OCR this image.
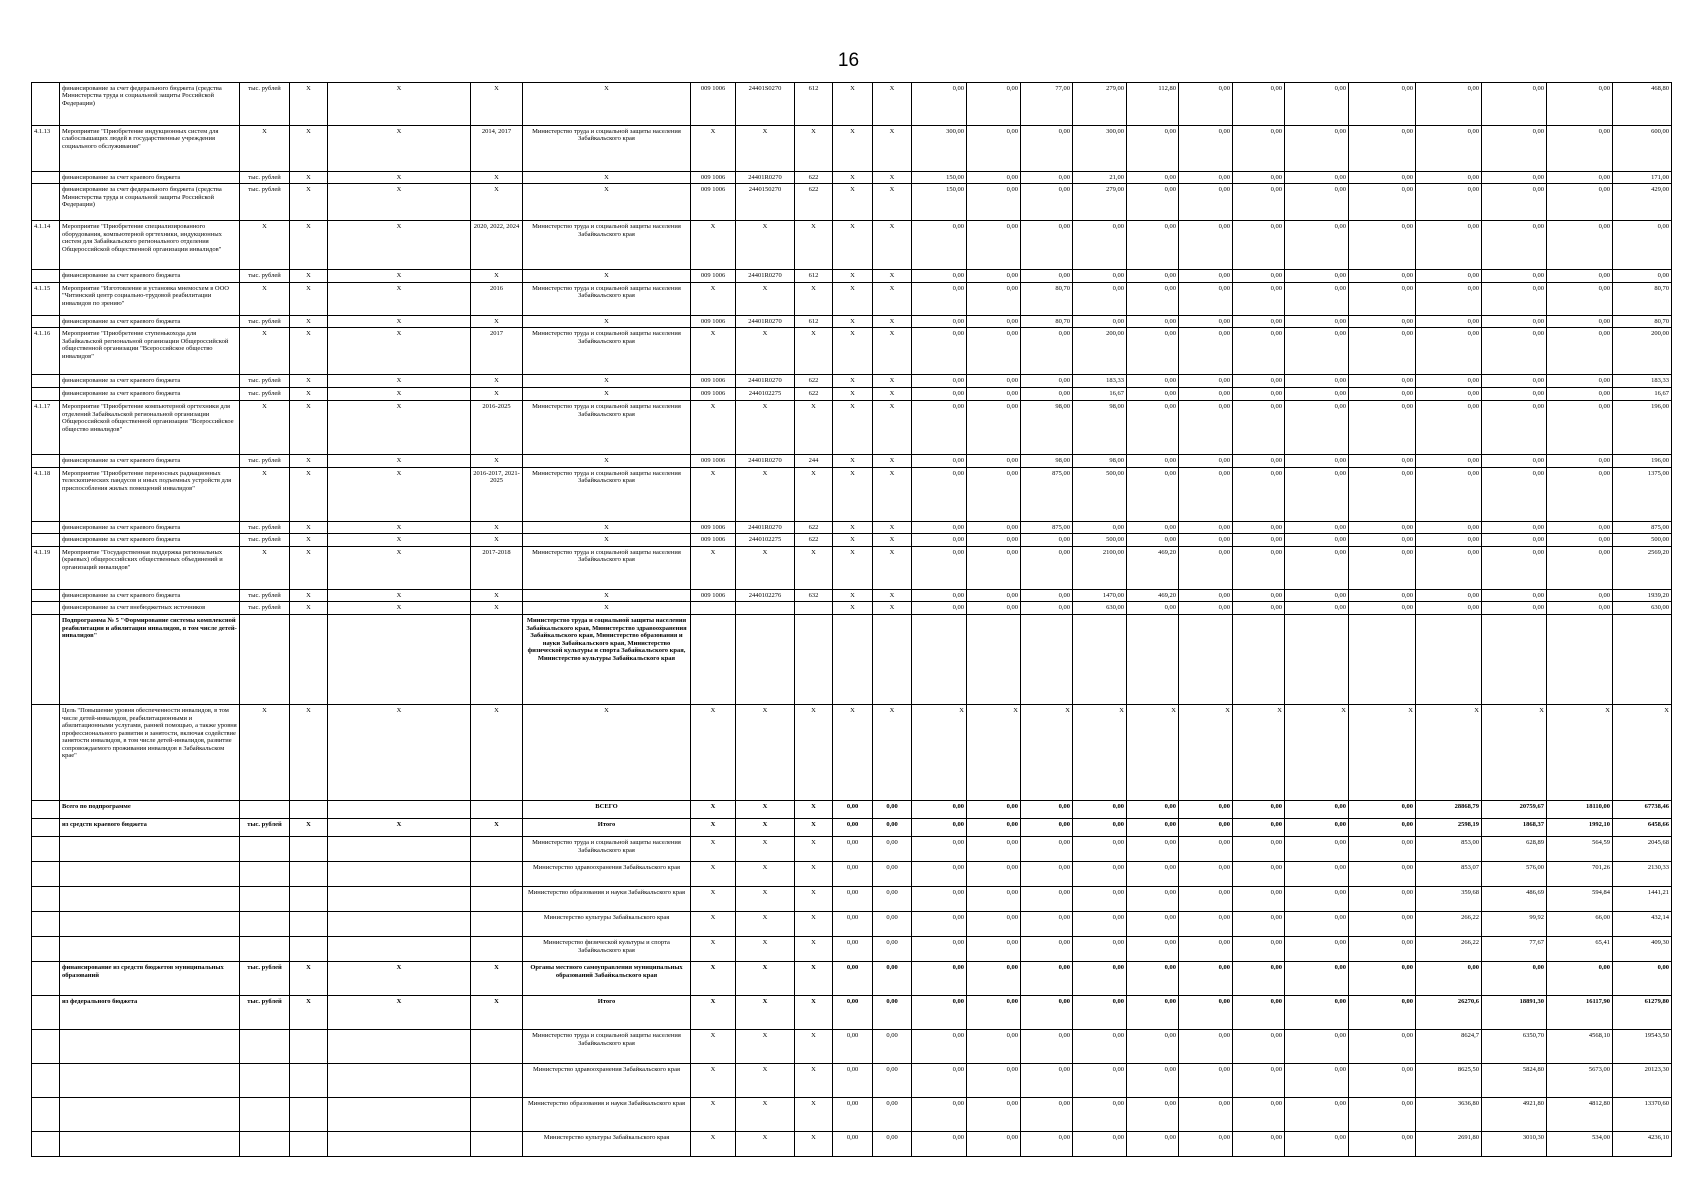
16
	финансирование за счет федерального бюджета (средства Министерства труда и социальной защиты Российской Федерации)	тыс. рублей	X	X	X	X	009 1006	24401S0270	612	X	X	0,00	0,00	77,00	279,00	112,80	0,00	0,00	0,00	0,00	0,00	0,00	0,00	468,80
4.1.13	Мероприятие "Приобретение индукционных систем для слабослышащих людей в государственные учреждения социального обслуживания"	X	X	X	2014, 2017	Министерство труда и социальной защиты населения Забайкальского края	X	X	X	X	X	300,00	0,00	0,00	300,00	0,00	0,00	0,00	0,00	0,00	0,00	0,00	0,00	600,00
	финансирование за счет краевого бюджета	тыс. рублей	X	X	X	X	009 1006	24401R0270	622	X	X	150,00	0,00	0,00	21,00	0,00	0,00	0,00	0,00	0,00	0,00	0,00	0,00	171,00
	финансирование за счет федерального бюджета (средства Министерства труда и социальной защиты Российской Федерации)	тыс. рублей	X	X	X	X	009 1006	2440150270	622	X	X	150,00	0,00	0,00	279,00	0,00	0,00	0,00	0,00	0,00	0,00	0,00	0,00	429,00
4.1.14	Мероприятие "Приобретение специализированного оборудования, компьютерной оргтехники, индукционных систем для Забайкальского регионального отделения Общероссийской общественной организации инвалидов"	X	X	X	2020, 2022, 2024	Министерство труда и социальной защиты населения Забайкальского края	X	X	X	X	X	0,00	0,00	0,00	0,00	0,00	0,00	0,00	0,00	0,00	0,00	0,00	0,00	0,00
	финансирование за счет краевого бюджета	тыс. рублей	X	X	X	X	009 1006	24401R0270	612	X	X	0,00	0,00	0,00	0,00	0,00	0,00	0,00	0,00	0,00	0,00	0,00	0,00	0,00
4.1.15	Мероприятие "Изготовление и установка мнемосхем в ООО "Читинский центр социально-трудовой реабилитации инвалидов по зрению"	X	X	X	2016	Министерство труда и социальной защиты населения Забайкальского края	X	X	X	X	X	0,00	0,00	80,70	0,00	0,00	0,00	0,00	0,00	0,00	0,00	0,00	0,00	80,70
	финансирование за счет краевого бюджета	тыс. рублей	X	X	X	X	009 1006	24401R0270	612	X	X	0,00	0,00	80,70	0,00	0,00	0,00	0,00	0,00	0,00	0,00	0,00	0,00	80,70
4.1.16	Мероприятие "Приобретение ступенькохода для Забайкальской региональной организации Общероссийской общественной организации "Всероссийское общество инвалидов"	X	X	X	2017	Министерство труда и социальной защиты населения Забайкальского края	X	X	X	X	X	0,00	0,00	0,00	200,00	0,00	0,00	0,00	0,00	0,00	0,00	0,00	0,00	200,00
	финансирование за счет краевого бюджета	тыс. рублей	X	X	X	X	009 1006	24401R0270	622	X	X	0,00	0,00	0,00	183,33	0,00	0,00	0,00	0,00	0,00	0,00	0,00	0,00	183,33
	финансирование за счет краевого бюджета	тыс. рублей	X	X	X	X	009 1006	2440102275	622	X	X	0,00	0,00	0,00	16,67	0,00	0,00	0,00	0,00	0,00	0,00	0,00	0,00	16,67
4.1.17	Мероприятие "Приобретение компьютерной оргтехники для отделений Забайкальской региональной организации Общероссийской общественной организации "Всероссийское общество инвалидов"	X	X	X	2016-2025	Министерство труда и социальной защиты населения Забайкальского края	X	X	X	X	X	0,00	0,00	98,00	98,00	0,00	0,00	0,00	0,00	0,00	0,00	0,00	0,00	196,00
	финансирование за счет краевого бюджета	тыс. рублей	X	X	X	X	009 1006	24401R0270	244	X	X	0,00	0,00	98,00	98,00	0,00	0,00	0,00	0,00	0,00	0,00	0,00	0,00	196,00
4.1.18	Мероприятие "Приобретение переносных радиационных телескопических пандусов и иных подъемных устройств для приспособления жилых помещений инвалидов"	X	X	X	2016-2017, 2021-2025	Министерство труда и социальной защиты населения Забайкальского края	X	X	X	X	X	0,00	0,00	875,00	500,00	0,00	0,00	0,00	0,00	0,00	0,00	0,00	0,00	1375,00
	финансирование за счет краевого бюджета	тыс. рублей	X	X	X	X	009 1006	24401R0270	622	X	X	0,00	0,00	875,00	0,00	0,00	0,00	0,00	0,00	0,00	0,00	0,00	0,00	875,00
	финансирование за счет краевого бюджета	тыс. рублей	X	X	X	X	009 1006	2440102275	622	X	X	0,00	0,00	0,00	500,00	0,00	0,00	0,00	0,00	0,00	0,00	0,00	0,00	500,00
4.1.19	Мероприятие "Государственная поддержка региональных (краевых) общероссийских общественных объединений и организаций инвалидов"	X	X	X	2017-2018	Министерство труда и социальной защиты населения Забайкальского края	X	X	X	X	X	0,00	0,00	0,00	2100,00	469,20	0,00	0,00	0,00	0,00	0,00	0,00	0,00	2569,20
	финансирование за счет краевого бюджета	тыс. рублей	X	X	X	X	009 1006	2440102276	632	X	X	0,00	0,00	0,00	1470,00	469,20	0,00	0,00	0,00	0,00	0,00	0,00	0,00	1939,20
	финансирование за счет внебюджетных источников	тыс. рублей	X	X	X	X				X	X	0,00	0,00	0,00	630,00	0,00	0,00	0,00	0,00	0,00	0,00	0,00	0,00	630,00
	Подпрограмма № 5 "Формирование системы комплексной реабилитации и абилитации инвалидов, в том числе детей-инвалидов"					Министерство труда и социальной защиты населения Забайкальского края, Министерство здравоохранения Забайкальского края, Министерство образования и науки Забайкальского края, Министерство физической культуры и спорта Забайкальского края, Министерство культуры Забайкальского края																		
	Цель "Повышение уровня обеспеченности инвалидов, в том числе детей-инвалидов, реабилитационными и абилитационными услугами, ранней помощью, а также уровня профессионального развития и занятости, включая содействие занятости инвалидов, в том числе детей-инвалидов, развитие сопровождаемого проживания инвалидов в Забайкальском крае"	X	X	X	X	X	X	X	X	X	X	X	X	X	X	X	X	X	X	X	X	X	X	X
	Всего по подпрограмме					ВСЕГО	X	X	X	0,00	0,00	0,00	0,00	0,00	0,00	0,00	0,00	0,00	0,00	0,00	28868,79	20759,67	18110,00	67738,46
	из средств краевого бюджета	тыс. рублей	X	X	X	Итого	X	X	X	0,00	0,00	0,00	0,00	0,00	0,00	0,00	0,00	0,00	0,00	0,00	2598,19	1868,37	1992,10	6458,66
						Министерство труда и социальной защиты населения Забайкальского края	X	X	X	0,00	0,00	0,00	0,00	0,00	0,00	0,00	0,00	0,00	0,00	0,00	853,00	628,89	564,59	2045,68
						Министерство здравоохранения Забайкальского края	X	X	X	0,00	0,00	0,00	0,00	0,00	0,00	0,00	0,00	0,00	0,00	0,00	853,07	576,00	701,26	2130,33
						Министерство образования и науки Забайкальского края	X	X	X	0,00	0,00	0,00	0,00	0,00	0,00	0,00	0,00	0,00	0,00	0,00	359,68	486,69	594,84	1441,21
						Министерство культуры Забайкальского края	X	X	X	0,00	0,00	0,00	0,00	0,00	0,00	0,00	0,00	0,00	0,00	0,00	266,22	99,92	66,00	432,14
						Министерство физической культуры и спорта Забайкальского края	X	X	X	0,00	0,00	0,00	0,00	0,00	0,00	0,00	0,00	0,00	0,00	0,00	266,22	77,67	65,41	409,30
	финансирование из средств бюджетов муниципальных образований	тыс. рублей	X	X	X	Органы местного самоуправления муниципальных образований Забайкальского края	X	X	X	0,00	0,00	0,00	0,00	0,00	0,00	0,00	0,00	0,00	0,00	0,00	0,00	0,00	0,00	0,00
	из федерального бюджета	тыс. рублей	X	X	X	Итого	X	X	X	0,00	0,00	0,00	0,00	0,00	0,00	0,00	0,00	0,00	0,00	0,00	26270,6	18891,30	16117,90	61279,80
						Министерство труда и социальной защиты населения Забайкальского края	X	X	X	0,00	0,00	0,00	0,00	0,00	0,00	0,00	0,00	0,00	0,00	0,00	8624,7	6350,70	4568,10	19543,50
						Министерство здравоохранения Забайкальского края	X	X	X	0,00	0,00	0,00	0,00	0,00	0,00	0,00	0,00	0,00	0,00	0,00	8625,50	5824,80	5673,00	20123,30
						Министерство образования и науки Забайкальского края	X	X	X	0,00	0,00	0,00	0,00	0,00	0,00	0,00	0,00	0,00	0,00	0,00	3636,80	4921,80	4812,80	13370,60
						Министерство культуры Забайкальского края	X	X	X	0,00	0,00	0,00	0,00	0,00	0,00	0,00	0,00	0,00	0,00	0,00	2691,80	3010,30	534,00	4236,10
